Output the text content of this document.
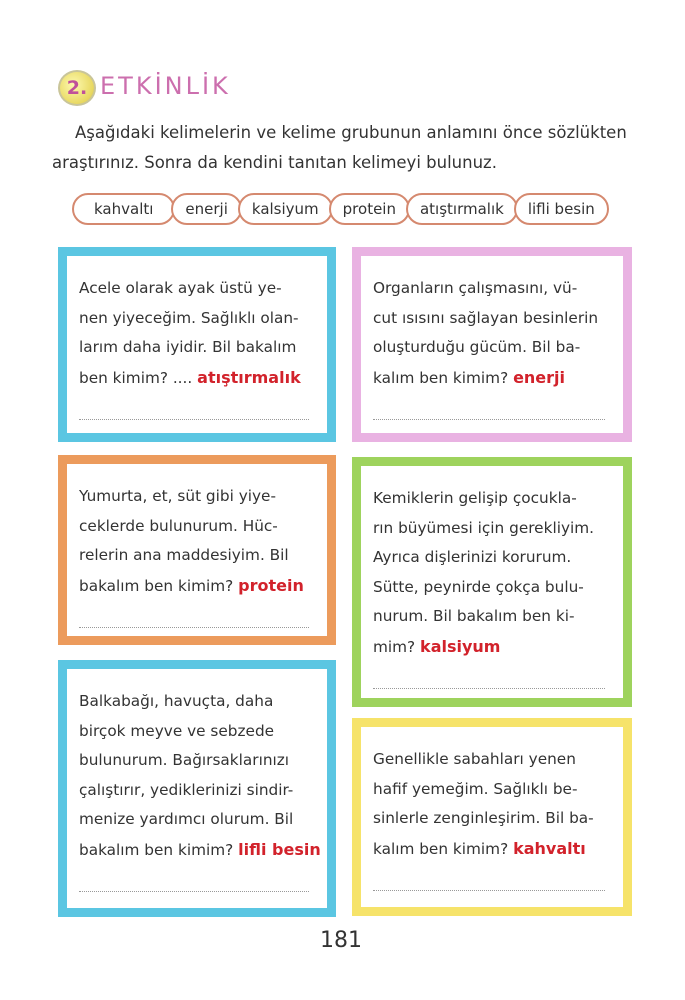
2. ETKİNLİK

Aşağıdaki kelimelerin ve kelime grubunun anlamını önce sözlükten

araştırınız. Sonra da kendini tanıtan kelimeyi bulunuz.

kahvaltı	enerji	kalsiyum	protein	atıştırmalık	lifli besin

Acele olarak ayak üstü ye-

nen yiyeceğim. Sağlıklı olan-

larım daha iyidir. Bil bakalım

ben kimim? .... atıştırmalık

Organların çalışmasını, vü-

cut ısısını sağlayan besinlerin

oluşturduğu gücüm. Bil ba-

kalım ben kimim? enerji

Yumurta, et, süt gibi yiye-

ceklerde bulunurum. Hüc-

relerin ana maddesiyim. Bil

bakalım ben kimim? protein

Kemiklerin gelişip çocukla-

rın büyümesi için gerekliyim.

Ayrıca dişlerinizi korurum.

Sütte, peynirde çokça bulu-

nurum. Bil bakalım ben ki-

mim? kalsiyum

Balkabağı, havuçta, daha

birçok meyve ve sebzede

bulunurum. Bağırsaklarınızı

çalıştırır, yediklerinizi sindir-

menize yardımcı olurum. Bil

bakalım ben kimim? lifli besin

Genellikle sabahları yenen

hafif yemeğim. Sağlıklı be-

sinlerle zenginleşirim. Bil ba-

kalım ben kimim? kahvaltı

181
